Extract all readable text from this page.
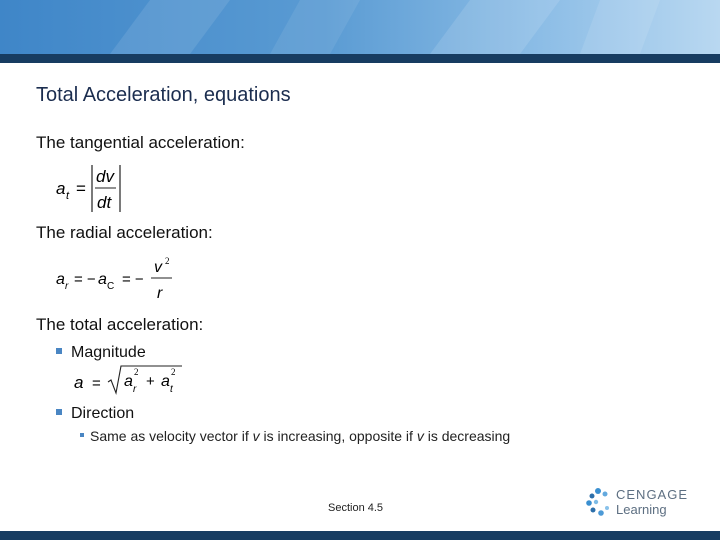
Total Acceleration, equations
The tangential acceleration:
a t =
dv
dt
The radial acceleration:
a r = − a C = −
v 2
r
The total acceleration:
Magnitude
a = a
2
r + a
2
t
Direction
Same as velocity vector if v is increasing, opposite if v is decreasing
Section 4.5
CENGAGE
Learning
